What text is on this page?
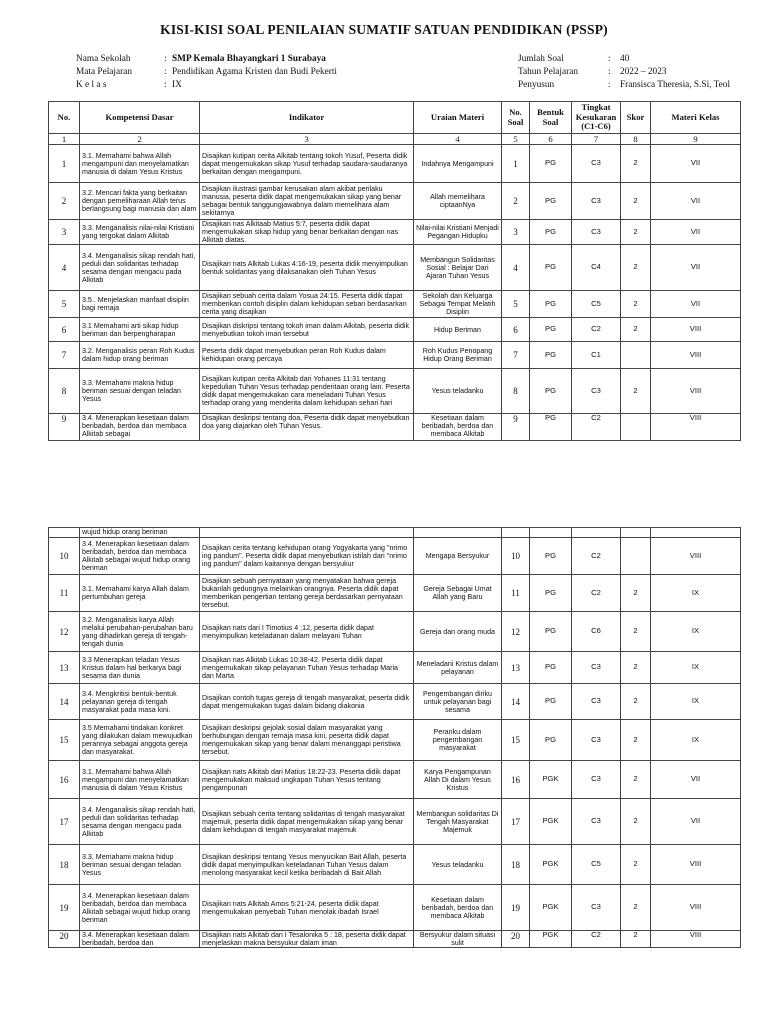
KISI-KISI SOAL PENILAIAN SUMATIF SATUAN PENDIDIKAN (PSSP)
Nama Sekolah	: SMP Kemala Bhayangkari 1 Surabaya
Mata Pelajaran	: Pendidikan Agama Kristen dan Budi Pekerti
K e l a s	: IX
Jumlah Soal	:	40
Tahun Pelajaran	:	2022 – 2023
Penyusun	:	Fransisca Theresia, S.Si, Teol
No.	Kompetensi Dasar	Indikator	Uraian Materi	No. Soal	Bentuk Soal	Tingkat Kesukaran (C1-C6)	Skor	Materi Kelas
1	2	3	4	5	6	7	8	9
1	3.1. Memahami bahwa Allah mengampuni dan menyelamatkan manusia di dalam Yesus Kristus	Disajikan kutipan cerita Alkitab tentang tokoh Yusuf, Peserta didik dapat mengemukakan sikap Yusuf terhadap saudara-saudaranya berkaitan dengan mengampuni.	Indahnya Mengampuni	1	PG	C3	2	VII
2	3.2. Mencari fakta yang berkaitan dengan pemeliharaan Allah terus berlangsung bagi manusia dan alam	Disajikan ilustrasi gambar kerusakan alam akibat perilaku manusia, peserta didik dapat mengemukakan sikap yang benar sebagai bentuk tanggungjawabnya dalam memelihara alam sekitarnya	Allah memelihara ciptaanNya	2	PG	C3	2	VII
3	3.3. Menganalisis nilai-nilai Kristiani yang tergokat dalam Alkitab	Disajikan nas Alkitaab Matius 5:7, peserta didik dapat mengemukakan sikap hidup yang benar berkaitan dengan nas Alkitab diatas.	Nilai-nilai Kristiani Menjadi Pegangan Hidupku	3	PG	C3	2	VII
4	3.4. Menganalisis sikap rendah hati, peduli dan solidaritas terhadap sesama dengan mengacu pada Alkitab	Disajikan nats Alkitab Lukas 4:16-19, peserta didik menyimpulkan bentuk solidaritas yang dilaksanakan oleh Tuhan Yesus	Membangun Solidaritas Sosial : Belajar Dari Ajaran Tuhan Yesus	4	PG	C4	2	VII
5	3.5.. Menjelaskan manfaat disiplin bagi remaja	Disajikan sebuah cerita dalam Yosua 24:15. Peserta didik dapat memberikan contoh disiplin dalam kehidupan sebari berdasarkan cerita yang disajikan	Sekolah dan Keluarga Sebagai Tempat Melatih Disiplin	5	PG	C5	2	VII
6	3.1 Memahami arti sikap hidup beriman dan berpengharapan	Disajikan diskripsi tentang tokoh iman dalam Alkitab, peserta didik menyebutkan tokoh iman tersebut	Hidup Beriman	6	PG	C2	2	VIII
7	3.2. Menganalisis peran Roh Kudus dalam hidup orang beriman	Peserta didik dapat menyebutkan peran Roh Kudus dalam kehidupan orang percaya	Roh Kudus Penopang Hidup Orang Beriman	7	PG	C1		VIII
8	3.3. Memahami makna hidup beriman sesuai dengan teladan Yesus	Disajikan kutipan cerita Alkitab dari Yohanes 11:31 tentang kepedulian Tuhan Yesus terhadap penderitaan orang lain. Peserta didik dapat mengemukakan cara meneladani Tuhan Yesus terhadap orang yang menderita dalam kehidupan sehari hari	Yesus teladanku	8	PG	C3	2	VIII
9	3.4. Menerapkan kesetiaan dalam beribadah, berdoa dan membaca Alkitab sebagai	Disajikan deskripsi tentang doa, Peserta didik dapat menyebutkan doa yang diajarkan oleh Tuhan Yesus.	Kesetiaan dalam beribadah, berdoa dan membaca Alkitab	9	PG	C2		VIII
	wujud hidup orang beriman							
10	3.4. Menerapkan kesetiaan dalam beribadah, berdoa dan membaca Alkitab sebagai wujud hidup orang beriman	Disajikan cerita tentang kehidupan orang Yogyakarta yang "nrimo ing pandum". Peserta didik dapat menyebutkan istilah dari "nrimo ing pandum" dalam kaitannya dengan bersyukur	Mengapa Bersyukur	10	PG	C2		VIII
11	3.1. Memahami karya Allah dalam pertumbuhan gereja	Disajikan sebuah pernyataan yang menyatakan bahwa gereja bukanlah gedungnya melainkan orangnya. Peserta didik dapat memberikan pengertian tentang gereja berdasarkan pernyataan tersebut.	Gereja Sebagai Umat Allah yang Baru	11	PG	C2	2	IX
12	3.2. Menganalisis karya Allah melalui perubahan-perubahan baru yang dihadirkan gereja di tengah-tengah dunia	Disajikan nats dari I Timotius 4 ;12, peserta didik dapat menyimpulkan keteladanan dalam melayani Tuhan	Gereja dan orang muda	12	PG	C6	2	IX
13	3.3 Menerapkan teladan Yesus Kristus dalam hal berkarya bagi sesama dan dunia	Disajikan nas Alkitab Lukas 10:38-42. Peserta didik dapat mengemukakan sikap pelayanan Tuhan Yesus terhadap Maria dan Marta	Meneladani Kristus dalam pelayanan	13	PG	C3	2	IX
14	3.4. Mengkritisi bentuk-bentuk pelayanan gereja di tengah masyarakat pada masa kini.	Disajikan contoh tugas gereja di tengah masyarakat, peserta didik dapat mengemukakan tugas dalam bidang diakonia	Pengembangan diriku untuk pelayanan bagi sesama	14	PG	C3	2	IX
15	3.5 Memahami tindakan konkret yang dilakukan dalam mewujudkan perannya sebagai anggota gereja dan masyarakat.	Disajikan deskripsi gejolak sosial dalam masyarakat yang berhubungan dengan remaja masa kini, peserta didik dapat mengemukakan sikap yang benar dalam menanggapi peristiwa tersebut.	Peranku dalam pengembangan masyarakat	15	PG	C3	2	IX
16	3.1. Memahami bahwa Allah mengampuni dan menyelamatkan manusia di dalam Yesus Kristus	Disajikan nats Alkitab dari Matius 18:22-23. Peserta didik dapat mengemukakan maksud ungkapan Tuhan Yesus tentang pengampunan	Karya Pengampunan Allah Di dalam Yesus Kristus	16	PGK	C3	2	VII
17	3.4. Menganalisis sikap rendah hati, peduli dan solidaritas terhadap sesama dengan mengacu pada Alkitab	Disajikan sebuah cerita tentang solidaritas di tengah masyarakat majemuk, peserta didik dapat mengemukakan sikap yang benar dalam kehidupan di tengah masyarakat majemuk	Membangun solidaritas Di Tengah Masyarakat Majemuk	17	PGK	C3	2	VII
18	3.3. Memahami makna hidup beriman sesuai dengan teladan Yesus	Disajikan deskripsi tentang Yesus menyucikan Bait Allah, peserta didik dapat menyimpulkan keteladanan Tuhan Yesus dalam menolong masyarakat kecil ketika beribadah di Bait Allah	Yesus teladanku	18	PGK	C5	2	VIII
19	3.4. Menerapkan kesetiaan dalam beribadah, berdoa dan membaca Alkitab sebagai wujud hidup orang beriman	Disajikan nats Alkitab Amos 5:21-24, peserta didik dapat mengemukakan penyebab Tuhan menolak ibadah Israel	Kesetiaan dalam beribadah, berdoa dan membaca Alkitab	19	PGK	C3	2	VIII
20	3.4. Menerapkan kesetiaan dalam beribadah, berdoa dan	Disajikan nats Alkitab dari I Tesalonika 5 : 18, peserta didik dapat menjelaskan makna bersyukur dalam iman	Bersyukur dalam situasi sulit	20	PGK	C2	2	VIII
